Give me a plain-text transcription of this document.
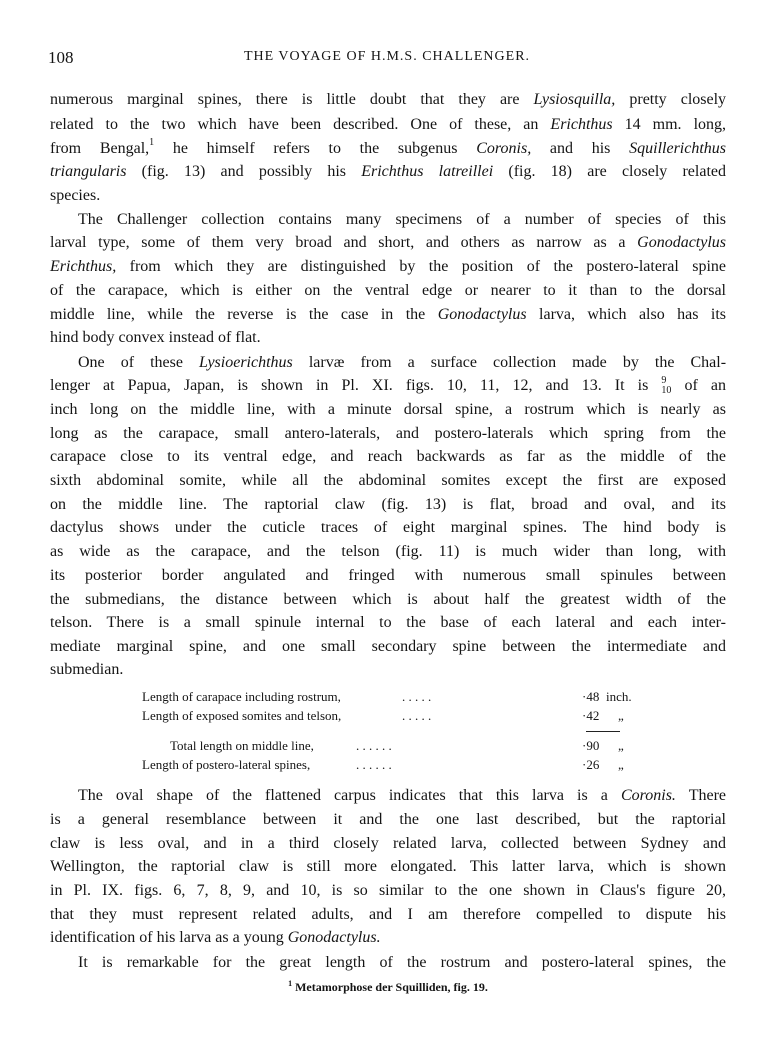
108	THE VOYAGE OF H.M.S. CHALLENGER.
numerous marginal spines, there is little doubt that they are Lysiosquilla, pretty closely
related to the two which have been described. One of these, an Erichthus 14 mm. long,
from Bengal,$^1$ he himself refers to the subgenus Coronis, and his Squillerichthus
triangularis (fig. 13) and possibly his Erichthus latreillei (fig. 18) are closely related
species.
The Challenger collection contains many specimens of a number of species of this
larval type, some of them very broad and short, and others as narrow as a Gonodactylus
Erichthus, from which they are distinguished by the position of the postero-lateral spine
of the carapace, which is either on the ventral edge or nearer to it than to the dorsal
middle line, while the reverse is the case in the Gonodactylus larva, which also has its
hind body convex instead of flat.
One of these Lysioerichthus larvæ from a surface collection made by the Chal-
lenger at Papua, Japan, is shown in Pl. XI. figs. 10, 11, 12, and 13. It is 9
10 of an
inch long on the middle line, with a minute dorsal spine, a rostrum which is nearly as
long as the carapace, small antero-laterals, and postero-laterals which spring from the
carapace close to its ventral edge, and reach backwards as far as the middle of the
sixth abdominal somite, while all the abdominal somites except the first are exposed
on the middle line. The raptorial claw (fig. 13) is flat, broad and oval, and its
dactylus shows under the cuticle traces of eight marginal spines. The hind body is
as wide as the carapace, and the telson (fig. 11) is much wider than long, with
its posterior border angulated and fringed with numerous small spinules between
the submedians, the distance between which is about half the greatest width of the
telson. There is a small spinule internal to the base of each lateral and each inter-
mediate marginal spine, and one small secondary spine between the intermediate and
submedian.
Length of carapace including rostrum,	. . . . .	·48 inch.
Length of exposed somites and telson,	. . . . .	·42 „
Total length on middle line,	. . . . . .	·90 „
Length of postero-lateral spines,	. . . . . .	·26 „
The oval shape of the flattened carpus indicates that this larva is a Coronis. There
is a general resemblance between it and the one last described, but the raptorial
claw is less oval, and in a third closely related larva, collected between Sydney and
Wellington, the raptorial claw is still more elongated. This latter larva, which is shown
in Pl. IX. figs. 6, 7, 8, 9, and 10, is so similar to the one shown in Claus's figure 20,
that they must represent related adults, and I am therefore compelled to dispute his
identification of his larva as a young Gonodactylus.
It is remarkable for the great length of the rostrum and postero-lateral spines, the
$^1$ Metamorphose der Squilliden, fig. 19.
